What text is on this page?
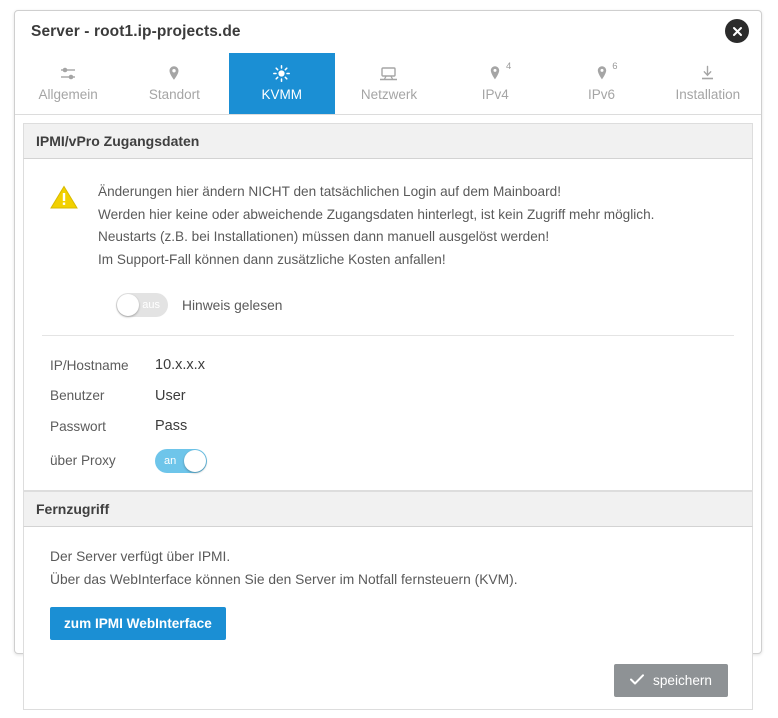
Server - root1.ip-projects.de
Allgemein	Standort	KVMM	Netzwerk
4
IPv4
6
IPv6	Installation
IPMI/vPro Zugangsdaten
Änderungen hier ändern NICHT den tatsächlichen Login auf dem Mainboard!
Werden hier keine oder abweichende Zugangsdaten hinterlegt, ist kein Zugriff mehr möglich.
Neustarts (z.B. bei Installationen) müssen dann manuell ausgelöst werden!
Im Support-Fall können dann zusätzliche Kosten anfallen!
aus Hinweis gelesen
IP/Hostname	10.x.x.x
Benutzer	User
Passwort	Pass
über Proxy	an
Fernzugriff
Der Server verfügt über IPMI.
Über das WebInterface können Sie den Server im Notfall fernsteuern (KVM).
zum IPMI WebInterface
speichern
